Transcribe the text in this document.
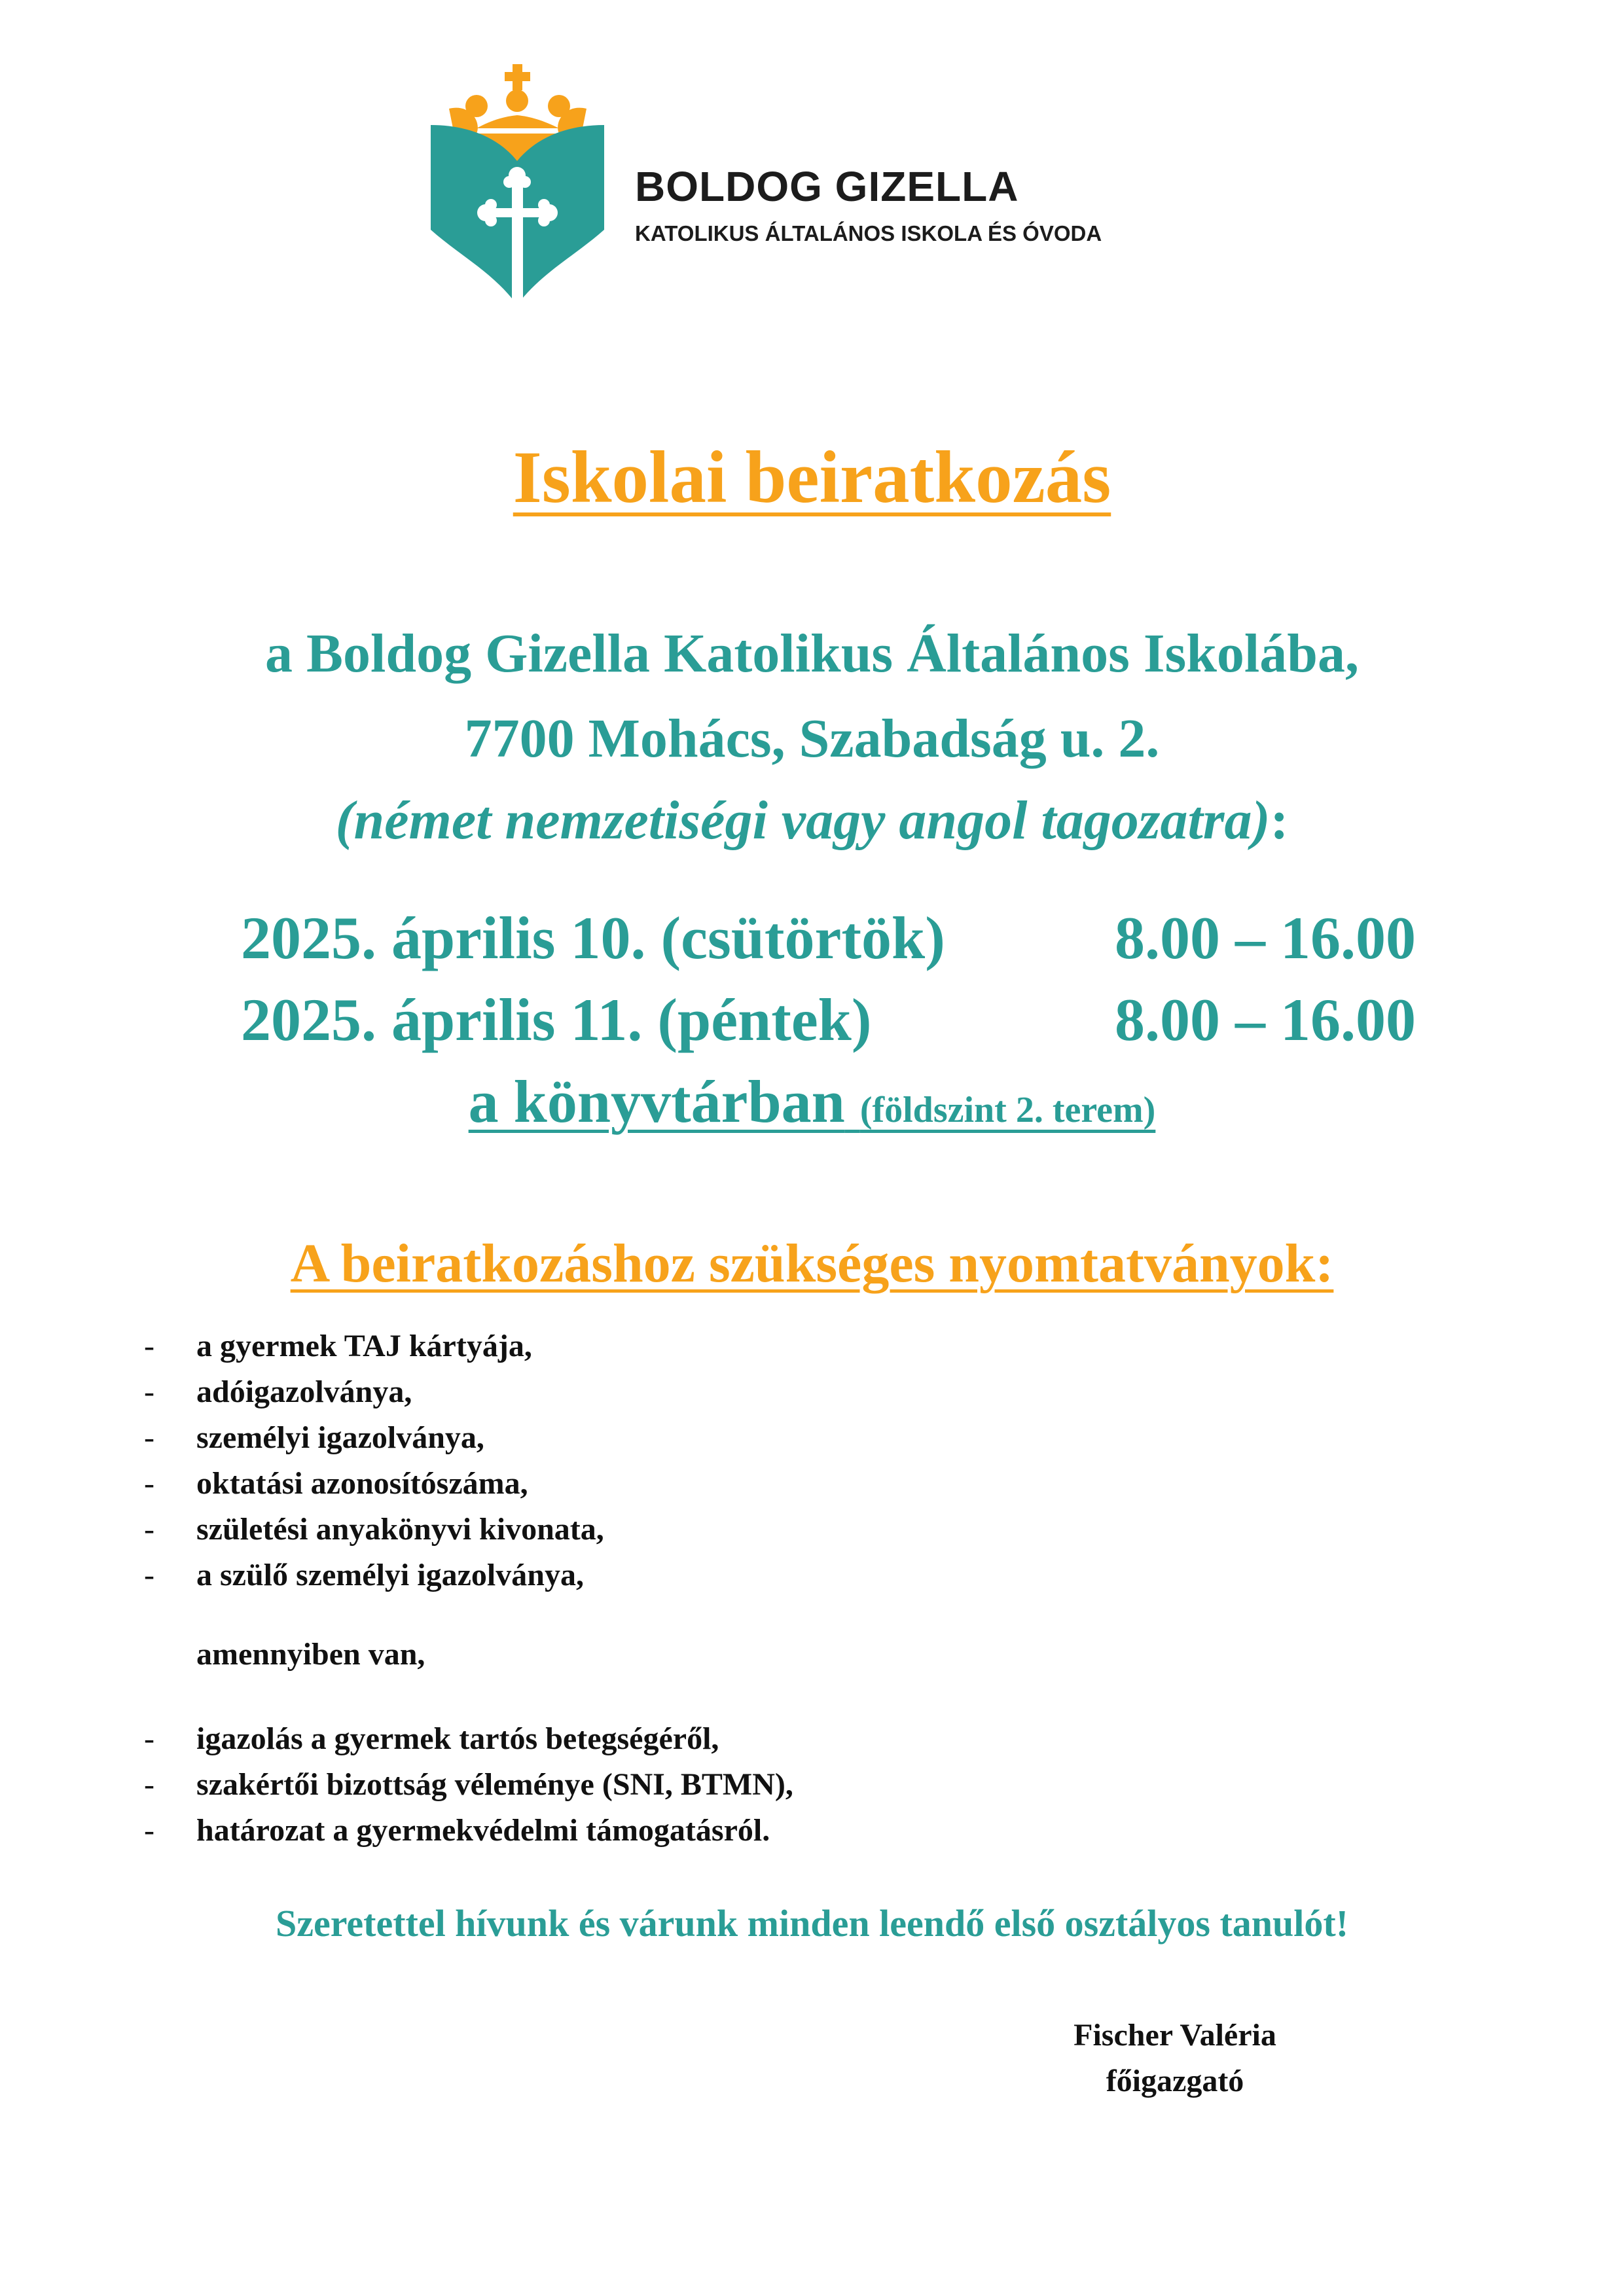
BOLDOG GIZELLA
KATOLIKUS ÁLTALÁNOS ISKOLA ÉS ÓVODA
Iskolai beiratkozás
a Boldog Gizella Katolikus Általános Iskolába,
7700 Mohács, Szabadság u. 2.
(német nemzetiségi vagy angol tagozatra):
2025. április 10. (csütörtök)	8.00 – 16.00
2025. április 11. (péntek)	8.00 – 16.00
a könyvtárban (földszint 2. terem)
A beiratkozáshoz szükséges nyomtatványok:
- a gyermek TAJ kártyája,
- adóigazolványa,
- személyi igazolványa,
- oktatási azonosítószáma,
- születési anyakönyvi kivonata,
- a szülő személyi igazolványa,
amennyiben van,
- igazolás a gyermek tartós betegségéről,
- szakértői bizottság véleménye (SNI, BTMN),
- határozat a gyermekvédelmi támogatásról.
Szeretettel hívunk és várunk minden leendő első osztályos tanulót!
Fischer Valéria
főigazgató
